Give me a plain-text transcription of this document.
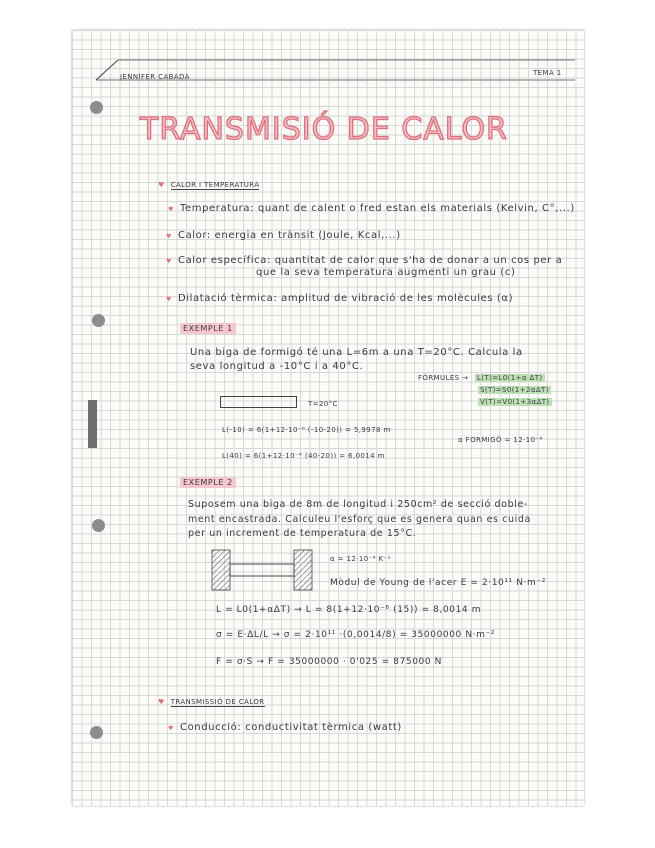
JENNIFER CABADA	TEMA 1
TRANSMISIÓ DE CALOR
♥ CALOR I TEMPERATURA
♥ Temperatura: quant de calent o fred estan els materials (Kelvin, C°,...)
♥ Calor: energia en trànsit (Joule, Kcal,...)
♥ Calor específica: quantitat de calor que s'ha de donar a un cos per a
que la seva temperatura augmenti un grau (c)
♥ Dilatació tèrmica: amplitud de vibració de les molècules (α)
EXEMPLE 1
Una biga de formigó té una L=6m a una T=20°C. Calcula la
seva longitud a -10°C i a 40°C.
FÓRMULES → L(T)=L0(1+α ΔT)
S(T)=S0(1+2αΔT)
V(T)=V0(1+3αΔT)
T=20°C
L(-10) = 6(1+12·10⁻⁶ (-10-20)) = 5,9978 m
α FORMIGÓ = 12·10⁻⁶
L(40) = 6(1+12·10⁻⁶ (40-20)) = 6,0014 m
EXEMPLE 2
Suposem una biga de 8m de longitud i 250cm² de secció doble-
ment encastrada. Calculeu l'esforç que es genera quan es cuida
per un increment de temperatura de 15°C.
α = 12·10⁻⁶ K⁻¹
Mòdul de Young de l'acer E = 2·10¹¹ N·m⁻²
L = L0(1+αΔT) → L = 8(1+12·10⁻⁶ (15)) = 8,0014 m
σ = E·ΔL/L → σ = 2·10¹¹ ·(0,0014/8) = 35000000 N·m⁻²
F = σ·S → F = 35000000 · 0'025 = 875000 N
♥ TRANSMISSIÓ DE CALOR
♥ Conducció: conductivitat tèrmica (watt)
